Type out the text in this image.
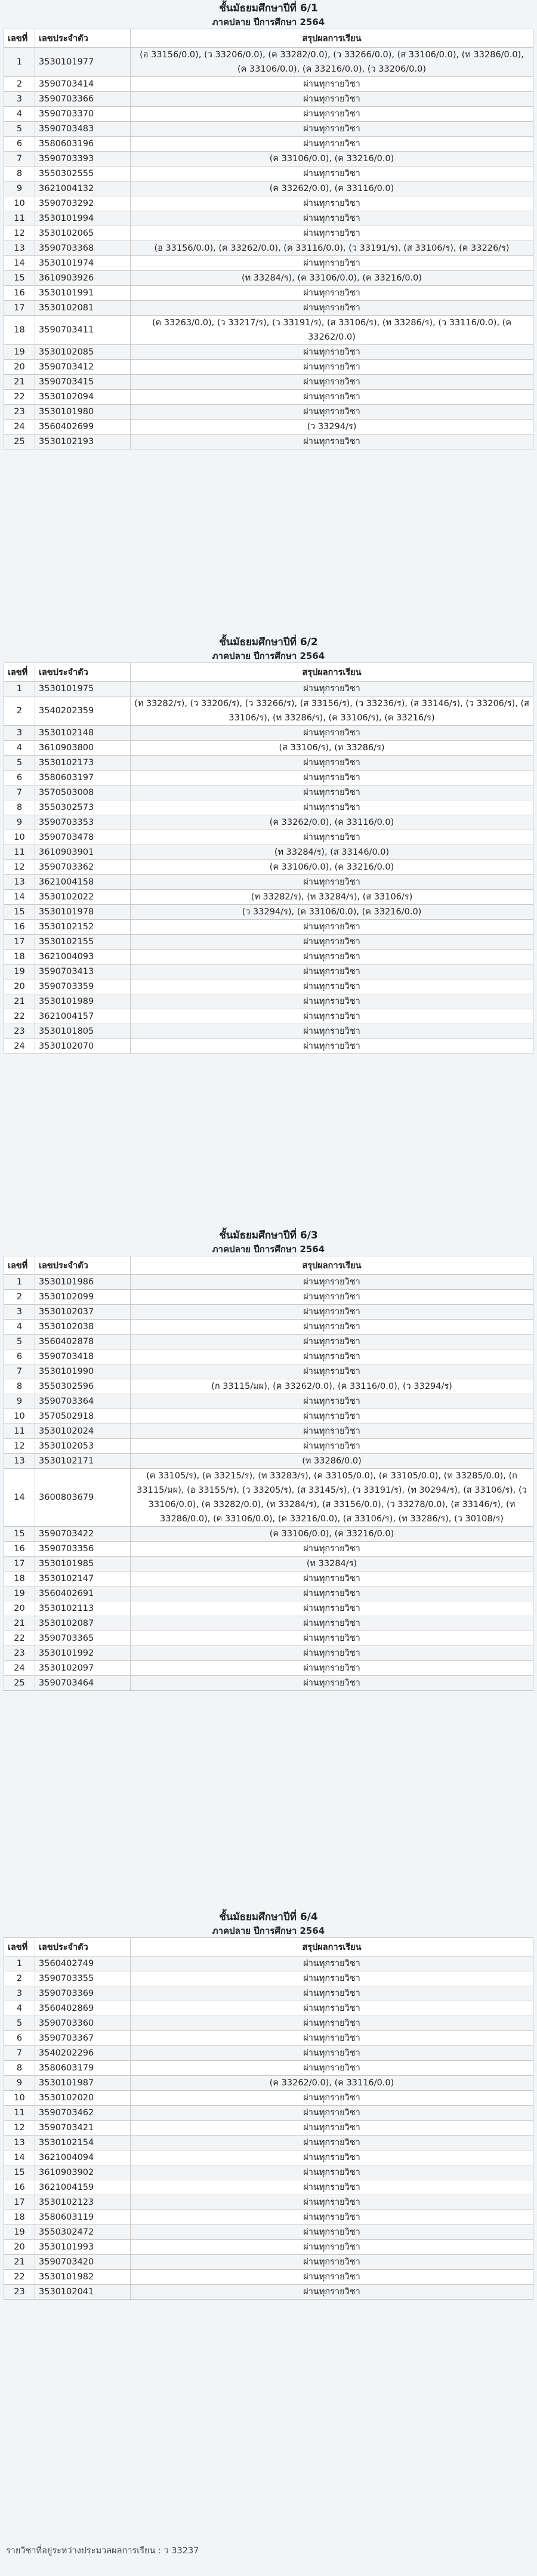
ชั้นมัธยมศึกษาปีที่ 6/1
ภาคปลาย ปีการศึกษา 2564
เลขที่	เลขประจำตัว	สรุปผลการเรียน
1	3530101977	(อ 33156/0.0), (ว 33206/0.0), (ค 33282/0.0), (ว 33266/0.0), (ส 33106/0.0), (ท 33286/0.0), (ค 33106/0.0), (ค 33216/0.0), (ว 33206/0.0)
2	3590703414	ผ่านทุกรายวิชา
3	3590703366	ผ่านทุกรายวิชา
4	3590703370	ผ่านทุกรายวิชา
5	3590703483	ผ่านทุกรายวิชา
6	3580603196	ผ่านทุกรายวิชา
7	3590703393	(ค 33106/0.0), (ค 33216/0.0)
8	3550302555	ผ่านทุกรายวิชา
9	3621004132	(ค 33262/0.0), (ค 33116/0.0)
10	3590703292	ผ่านทุกรายวิชา
11	3530101994	ผ่านทุกรายวิชา
12	3530102065	ผ่านทุกรายวิชา
13	3590703368	(อ 33156/0.0), (ค 33262/0.0), (ค 33116/0.0), (ว 33191/ร), (ส 33106/ร), (ค 33226/ร)
14	3530101974	ผ่านทุกรายวิชา
15	3610903926	(ท 33284/ร), (ค 33106/0.0), (ค 33216/0.0)
16	3530101991	ผ่านทุกรายวิชา
17	3530102081	ผ่านทุกรายวิชา
18	3590703411	(ค 33263/0.0), (ว 33217/ร), (ว 33191/ร), (ส 33106/ร), (ท 33286/ร), (ว 33116/0.0), (ค 33262/0.0)
19	3530102085	ผ่านทุกรายวิชา
20	3590703412	ผ่านทุกรายวิชา
21	3590703415	ผ่านทุกรายวิชา
22	3530102094	ผ่านทุกรายวิชา
23	3530101980	ผ่านทุกรายวิชา
24	3560402699	(ว 33294/ร)
25	3530102193	ผ่านทุกรายวิชา
ชั้นมัธยมศึกษาปีที่ 6/2
ภาคปลาย ปีการศึกษา 2564
เลขที่	เลขประจำตัว	สรุปผลการเรียน
1	3530101975	ผ่านทุกรายวิชา
2	3540202359	(ท 33282/ร), (ว 33206/ร), (ว 33266/ร), (ส 33156/ร), (ว 33236/ร), (ส 33146/ร), (ว 33206/ร), (ส 33106/ร), (ท 33286/ร), (ค 33106/ร), (ค 33216/ร)
3	3530102148	ผ่านทุกรายวิชา
4	3610903800	(ส 33106/ร), (ท 33286/ร)
5	3530102173	ผ่านทุกรายวิชา
6	3580603197	ผ่านทุกรายวิชา
7	3570503008	ผ่านทุกรายวิชา
8	3550302573	ผ่านทุกรายวิชา
9	3590703353	(ค 33262/0.0), (ค 33116/0.0)
10	3590703478	ผ่านทุกรายวิชา
11	3610903901	(ท 33284/ร), (ส 33146/0.0)
12	3590703362	(ค 33106/0.0), (ค 33216/0.0)
13	3621004158	ผ่านทุกรายวิชา
14	3530102022	(ท 33282/ร), (ท 33284/ร), (ส 33106/ร)
15	3530101978	(ว 33294/ร), (ค 33106/0.0), (ค 33216/0.0)
16	3530102152	ผ่านทุกรายวิชา
17	3530102155	ผ่านทุกรายวิชา
18	3621004093	ผ่านทุกรายวิชา
19	3590703413	ผ่านทุกรายวิชา
20	3590703359	ผ่านทุกรายวิชา
21	3530101989	ผ่านทุกรายวิชา
22	3621004157	ผ่านทุกรายวิชา
23	3530101805	ผ่านทุกรายวิชา
24	3530102070	ผ่านทุกรายวิชา
ชั้นมัธยมศึกษาปีที่ 6/3
ภาคปลาย ปีการศึกษา 2564
เลขที่	เลขประจำตัว	สรุปผลการเรียน
1	3530101986	ผ่านทุกรายวิชา
2	3530102099	ผ่านทุกรายวิชา
3	3530102037	ผ่านทุกรายวิชา
4	3530102038	ผ่านทุกรายวิชา
5	3560402878	ผ่านทุกรายวิชา
6	3590703418	ผ่านทุกรายวิชา
7	3530101990	ผ่านทุกรายวิชา
8	3550302596	(ก 33115/มผ), (ค 33262/0.0), (ค 33116/0.0), (ว 33294/ร)
9	3590703364	ผ่านทุกรายวิชา
10	3570502918	ผ่านทุกรายวิชา
11	3530102024	ผ่านทุกรายวิชา
12	3530102053	ผ่านทุกรายวิชา
13	3530102171	(ท 33286/0.0)
14	3600803679	(ค 33105/ร), (ค 33215/ร), (ท 33283/ร), (ค 33105/0.0), (ค 33105/0.0), (ท 33285/0.0), (ก 33115/มผ), (อ 33155/ร), (ว 33205/ร), (ส 33145/ร), (ว 33191/ร), (ท 30294/ร), (ส 33106/ร), (ว 33106/0.0), (ค 33282/0.0), (ท 33284/ร), (ส 33156/0.0), (ว 33278/0.0), (ส 33146/ร), (ท 33286/0.0), (ค 33106/0.0), (ค 33216/0.0), (ส 33106/ร), (ท 33286/ร), (ว 30108/ร)
15	3590703422	(ค 33106/0.0), (ค 33216/0.0)
16	3590703356	ผ่านทุกรายวิชา
17	3530101985	(ท 33284/ร)
18	3530102147	ผ่านทุกรายวิชา
19	3560402691	ผ่านทุกรายวิชา
20	3530102113	ผ่านทุกรายวิชา
21	3530102087	ผ่านทุกรายวิชา
22	3590703365	ผ่านทุกรายวิชา
23	3530101992	ผ่านทุกรายวิชา
24	3530102097	ผ่านทุกรายวิชา
25	3590703464	ผ่านทุกรายวิชา
ชั้นมัธยมศึกษาปีที่ 6/4
ภาคปลาย ปีการศึกษา 2564
เลขที่	เลขประจำตัว	สรุปผลการเรียน
1	3560402749	ผ่านทุกรายวิชา
2	3590703355	ผ่านทุกรายวิชา
3	3590703369	ผ่านทุกรายวิชา
4	3560402869	ผ่านทุกรายวิชา
5	3590703360	ผ่านทุกรายวิชา
6	3590703367	ผ่านทุกรายวิชา
7	3540202296	ผ่านทุกรายวิชา
8	3580603179	ผ่านทุกรายวิชา
9	3530101987	(ค 33262/0.0), (ค 33116/0.0)
10	3530102020	ผ่านทุกรายวิชา
11	3590703462	ผ่านทุกรายวิชา
12	3590703421	ผ่านทุกรายวิชา
13	3530102154	ผ่านทุกรายวิชา
14	3621004094	ผ่านทุกรายวิชา
15	3610903902	ผ่านทุกรายวิชา
16	3621004159	ผ่านทุกรายวิชา
17	3530102123	ผ่านทุกรายวิชา
18	3580603119	ผ่านทุกรายวิชา
19	3550302472	ผ่านทุกรายวิชา
20	3530101993	ผ่านทุกรายวิชา
21	3590703420	ผ่านทุกรายวิชา
22	3530101982	ผ่านทุกรายวิชา
23	3530102041	ผ่านทุกรายวิชา
รายวิชาที่อยู่ระหว่างประมวลผลการเรียน : ว 33237
